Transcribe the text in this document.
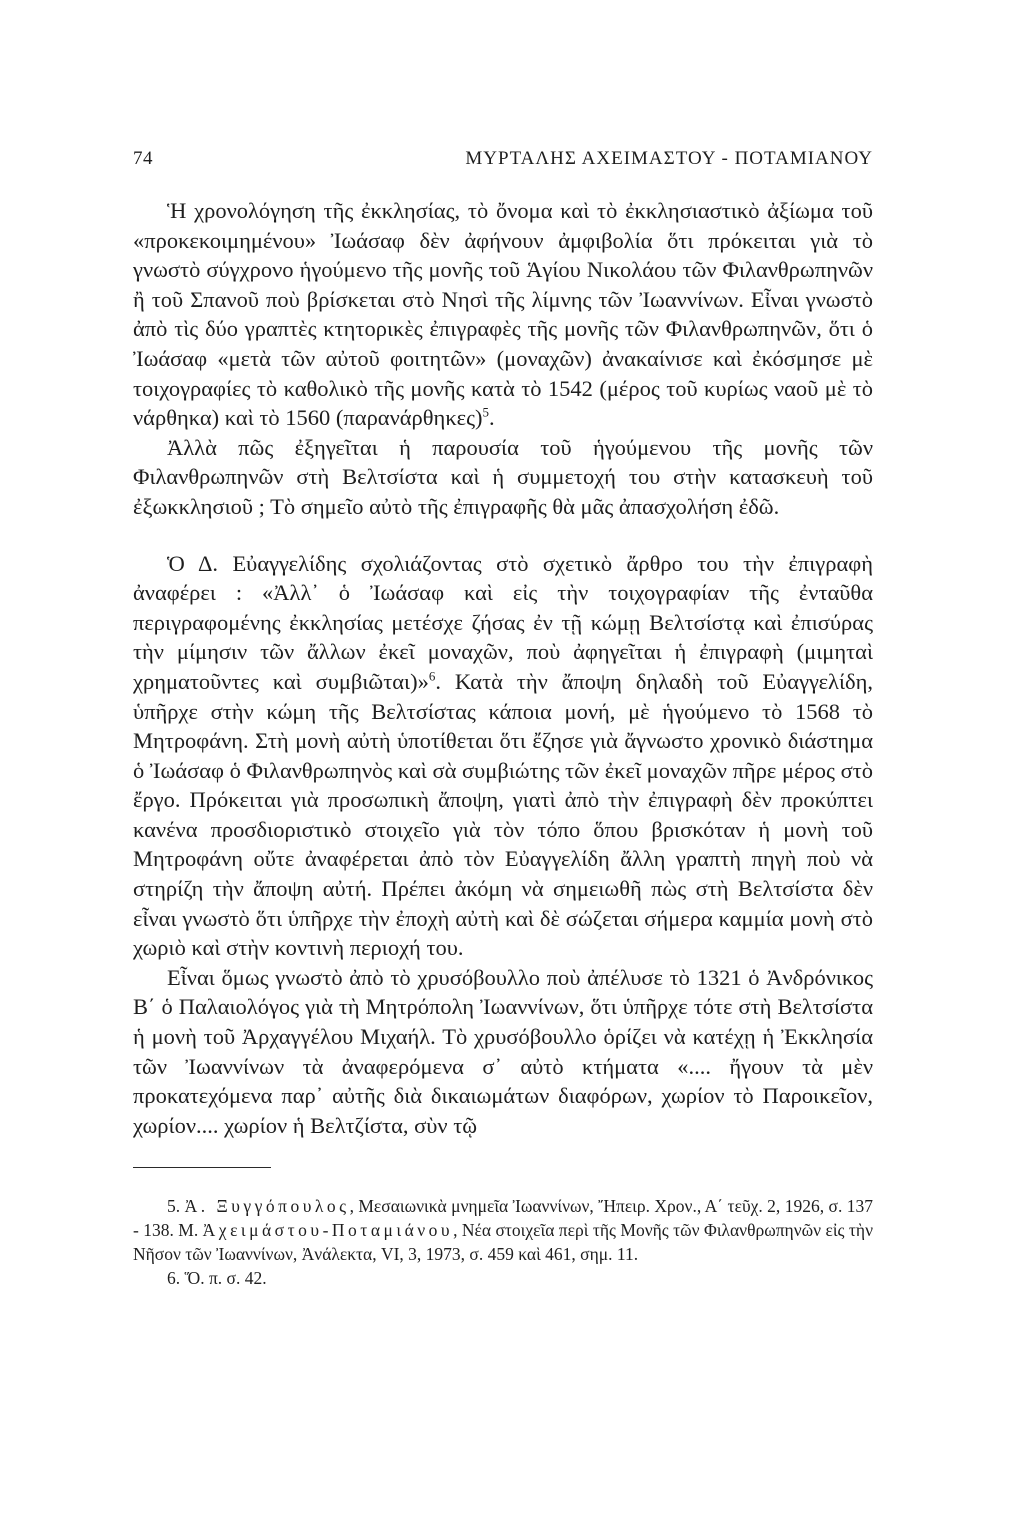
74	ΜΥΡΤΑΛΗΣ ΑΧΕΙΜΑΣΤΟΥ - ΠΟΤΑΜΙΑΝΟΥ

Ἡ χρονολόγηση τῆς ἐκκλησίας, τὸ ὄνομα καὶ τὸ ἐκκλησιαστικὸ ἀξίωμα τοῦ «προκεκοιμημένου» Ἰωάσαφ δὲν ἀφήνουν ἀμφιβολία ὅτι πρόκειται γιὰ τὸ γνωστὸ σύγχρονο ἡγούμενο τῆς μονῆς τοῦ Ἁγίου Νικολάου τῶν Φιλανθρωπηνῶν ἢ τοῦ Σπανοῦ ποὺ βρίσκεται στὸ Νησὶ τῆς λίμνης τῶν Ἰωαννίνων. Εἶναι γνωστὸ ἀπὸ τὶς δύο γραπτὲς κτητορικὲς ἐπιγραφὲς τῆς μονῆς τῶν Φιλανθρωπηνῶν, ὅτι ὁ Ἰωάσαφ «μετὰ τῶν αὐτοῦ φοιτητῶν» (μοναχῶν) ἀνακαίνισε καὶ ἐκόσμησε μὲ τοιχογραφίες τὸ καθολικὸ τῆς μονῆς κατὰ τὸ 1542 (μέρος τοῦ κυρίως ναοῦ μὲ τὸ νάρθηκα) καὶ τὸ 1560 $(\pi\alpha\rho\alpha\nu ά\rho\theta\eta\kappa\varepsilon\varsigma)^5$.

Ἀλλὰ πῶς ἐξηγεῖται ἡ παρουσία τοῦ ἡγούμενου τῆς μονῆς τῶν Φιλανθρωπηνῶν στὴ Βελτσίστα καὶ ἡ συμμετοχή του στὴν κατασκευὴ τοῦ ἐξωκκλησιοῦ ; Τὸ σημεῖο αὐτὸ τῆς ἐπιγραφῆς θὰ μᾶς ἀπασχολήση ἐδῶ.

Ὁ Δ. Εὐαγγελίδης σχολιάζοντας στὸ σχετικὸ ἄρθρο του τὴν ἐπιγραφὴ ἀναφέρει : «Ἀλλ᾿ ὁ Ἰωάσαφ καὶ εἰς τὴν τοιχογραφίαν τῆς ἐνταῦθα περιγραφομένης ἐκκλησίας μετέσχε ζήσας ἐν τῇ κώμῃ Βελτσίστᾳ καὶ ἐπισύρας τὴν μίμησιν τῶν ἄλλων ἐκεῖ μοναχῶν, ποὺ ἀφηγεῖται ἡ ἐπιγραφὴ (μιμηταὶ χρηματοῦντες καὶ συμβιῶται)»$^6$. Κατὰ τὴν ἄποψη δηλαδὴ τοῦ Εὐαγγελίδη, ὑπῆρχε στὴν κώμη τῆς Βελτσίστας κάποια μονή, μὲ ἡγούμενο τὸ 1568 τὸ Μητροφάνη. Στὴ μονὴ αὐτὴ ὑποτίθεται ὅτι ἔζησε γιὰ ἄγνωστο χρονικὸ διάστημα ὁ Ἰωάσαφ ὁ Φιλανθρωπηνὸς καὶ σὰ συμβιώτης τῶν ἐκεῖ μοναχῶν πῆρε μέρος στὸ ἔργο. Πρόκειται γιὰ προσωπικὴ ἄποψη, γιατὶ ἀπὸ τὴν ἐπιγραφὴ δὲν προκύπτει κανένα προσδιοριστικὸ στοιχεῖο γιὰ τὸν τόπο ὅπου βρισκόταν ἡ μονὴ τοῦ Μητροφάνη οὔτε ἀναφέρεται ἀπὸ τὸν Εὐαγγελίδη ἄλλη γραπτὴ πηγὴ ποὺ νὰ στηρίζη τὴν ἄποψη αὐτή. Πρέπει ἀκόμη νὰ σημειωθῆ πὼς στὴ Βελτσίστα δὲν εἶναι γνωστὸ ὅτι ὑπῆρχε τὴν ἐποχὴ αὐτὴ καὶ δὲ σώζεται σήμερα καμμία μονὴ στὸ χωριὸ καὶ στὴν κοντινὴ περιοχή του.

Εἶναι ὅμως γνωστὸ ἀπὸ τὸ χρυσόβουλλο ποὺ ἀπέλυσε τὸ 1321 ὁ Ἀνδρόνικος Β΄ ὁ Παλαιολόγος γιὰ τὴ Μητρόπολη Ἰωαννίνων, ὅτι ὑπῆρχε τότε στὴ Βελτσίστα ἡ μονὴ τοῦ Ἀρχαγγέλου Μιχαήλ. Τὸ χρυσόβουλλο ὁρίζει νὰ κατέχῃ ἡ Ἐκκλησία τῶν Ἰωαννίνων τὰ ἀναφερόμενα σ᾿ αὐτὸ κτήματα «.... ἤγουν τὰ μὲν προκατεχόμενα παρ᾿ αὐτῆς διὰ δικαιωμάτων διαφόρων, χωρίον τὸ Παροικεῖον, χωρίον.... χωρίον ἡ Βελτζίστα, σὺν τῷ

5. Ἀ. Ξυγγόπουλος, Μεσαιωνικὰ μνημεῖα Ἰωαννίνων, Ἤπειρ. Χρον., Α΄ τεῦχ. 2, 1926, σ. 137 - 138. Μ. Ἀχειμάστου-Ποταμιάνου, Νέα στοιχεῖα περὶ τῆς Μονῆς τῶν Φιλανθρωπηνῶν εἰς τὴν Νῆσον τῶν Ἰωαννίνων, Ἀνάλεκτα, VI, 3, 1973, σ. 459 καὶ 461, σημ. 11.

6. Ὅ. π. σ. 42.
